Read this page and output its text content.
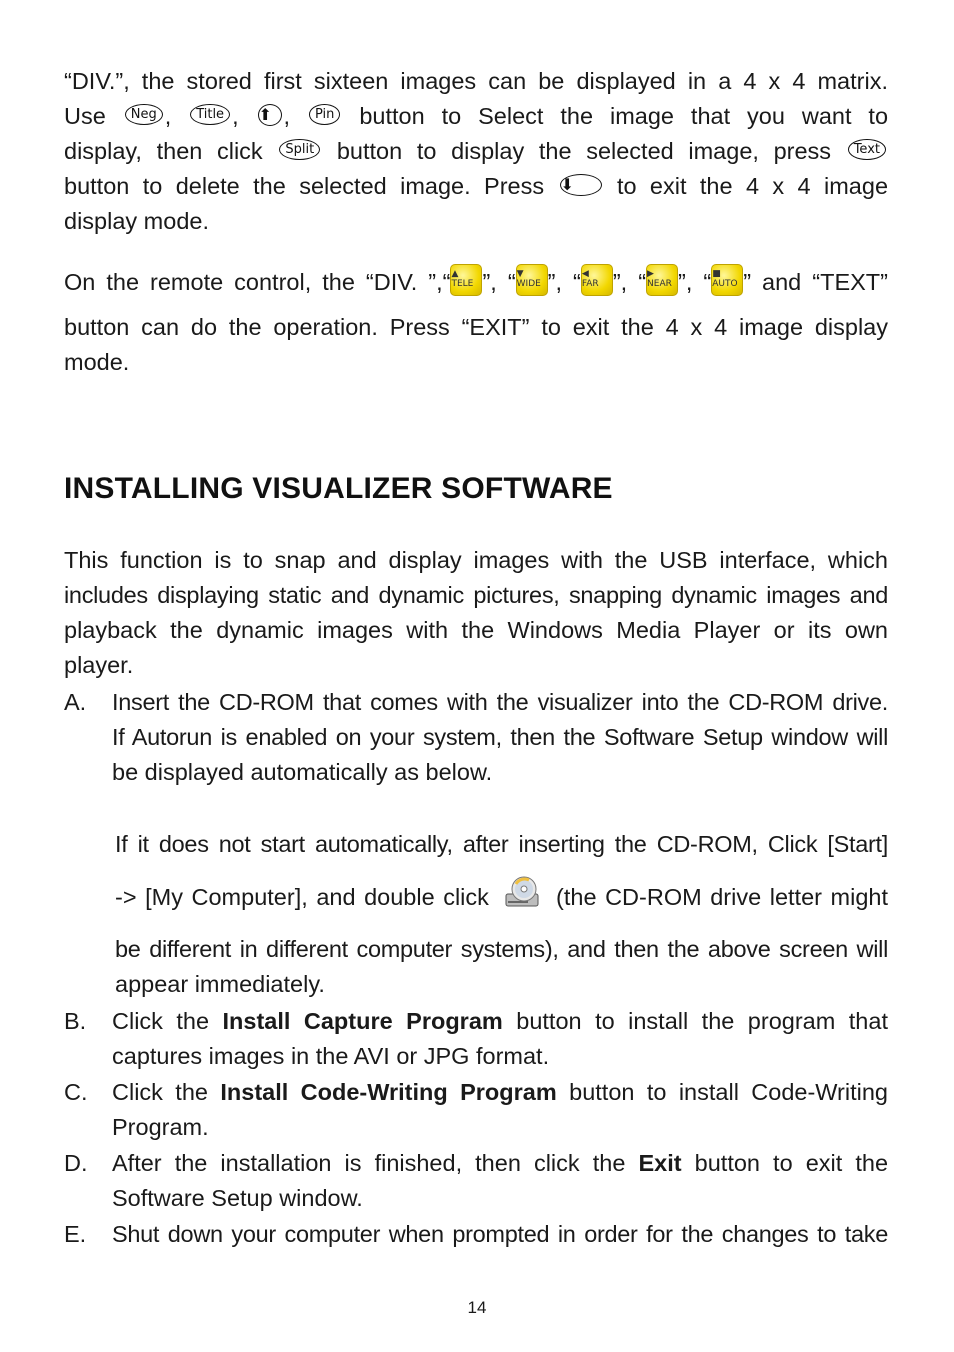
“DIV.”, the stored first sixteen images can be displayed in a 4 x 4 matrix.
Use Neg , Title , ⬆ , Pin button to Select the image that you want to
display, then click Split button to display the selected image, press Text
button to delete the selected image. Press ⬇ to exit the 4 x 4 image
display mode.
On the remote control, the “DIV. ”,“ ▲
TELE ”, “ ▼
WIDE ”, “ ◀
FAR ”, “ ▶
NEAR ”, “ ■
AUTO ” and “TEXT”
button can do the operation. Press “EXIT” to exit the 4 x 4 image display
mode.
INSTALLING VISUALIZER SOFTWARE
This function is to snap and display images with the USB interface, which
includes displaying static and dynamic pictures, snapping dynamic images and
playback the dynamic images with the Windows Media Player or its own
player.
A.	Insert the CD-ROM that comes with the visualizer into the CD-ROM drive.
If Autorun is enabled on your system, then the Software Setup window will
be displayed automatically as below.
If it does not start automatically, after inserting the CD-ROM, Click [Start]
-> [My Computer], and double click	(the CD-ROM drive letter might
be different in different computer systems), and then the above screen will
appear immediately.
B.	Click the Install Capture Program button to install the program that
captures images in the AVI or JPG format.
C.	Click the Install Code-Writing Program button to install Code-Writing
Program.
D.	After the installation is finished, then click the Exit button to exit the
Software Setup window.
E.	Shut down your computer when prompted in order for the changes to take
14
